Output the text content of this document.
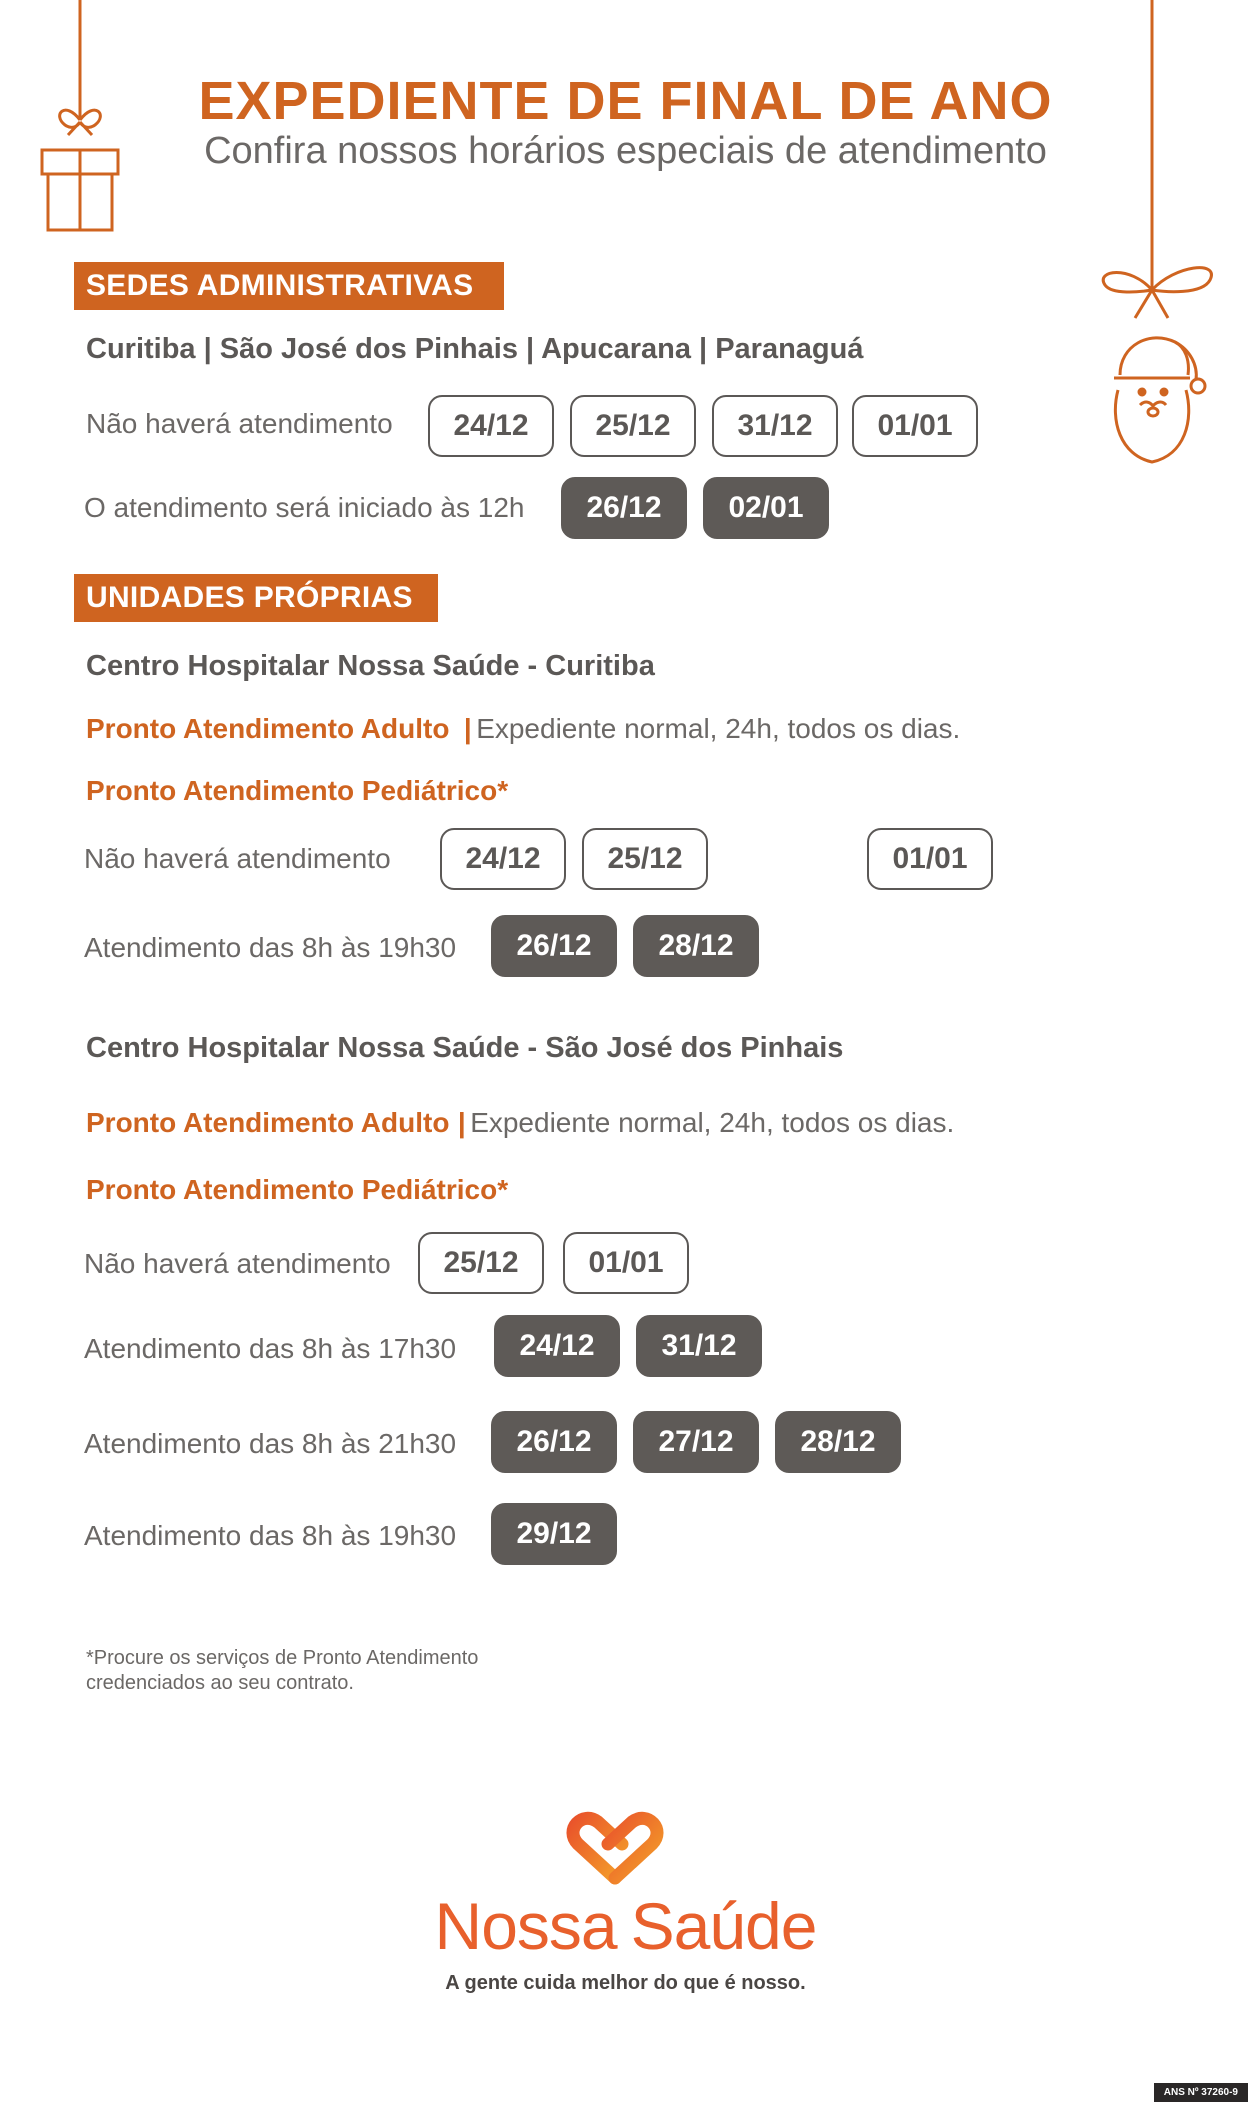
EXPEDIENTE DE FINAL DE ANO
Confira nossos horários especiais de atendimento
SEDES ADMINISTRATIVAS
Curitiba | São José dos Pinhais | Apucarana | Paranaguá
Não haverá atendimento	24/12	25/12	31/12	01/01
O atendimento será iniciado às 12h	26/12	02/01
UNIDADES PRÓPRIAS
Centro Hospitalar Nossa Saúde - Curitiba
Pronto Atendimento Adulto | Expediente normal, 24h, todos os dias.
Pronto Atendimento Pediátrico*
Não haverá atendimento	24/12	25/12	01/01
Atendimento das 8h às 19h30	26/12	28/12
Centro Hospitalar Nossa Saúde - São José dos Pinhais
Pronto Atendimento Adulto | Expediente normal, 24h, todos os dias.
Pronto Atendimento Pediátrico*
Não haverá atendimento	25/12	01/01
Atendimento das 8h às 17h30	24/12	31/12
Atendimento das 8h às 21h30	26/12	27/12	28/12
Atendimento das 8h às 19h30	29/12
*Procure os serviços de Pronto Atendimento
credenciados ao seu contrato.
Nossa Saúde
A gente cuida melhor do que é nosso.
ANS Nº 37260-9
